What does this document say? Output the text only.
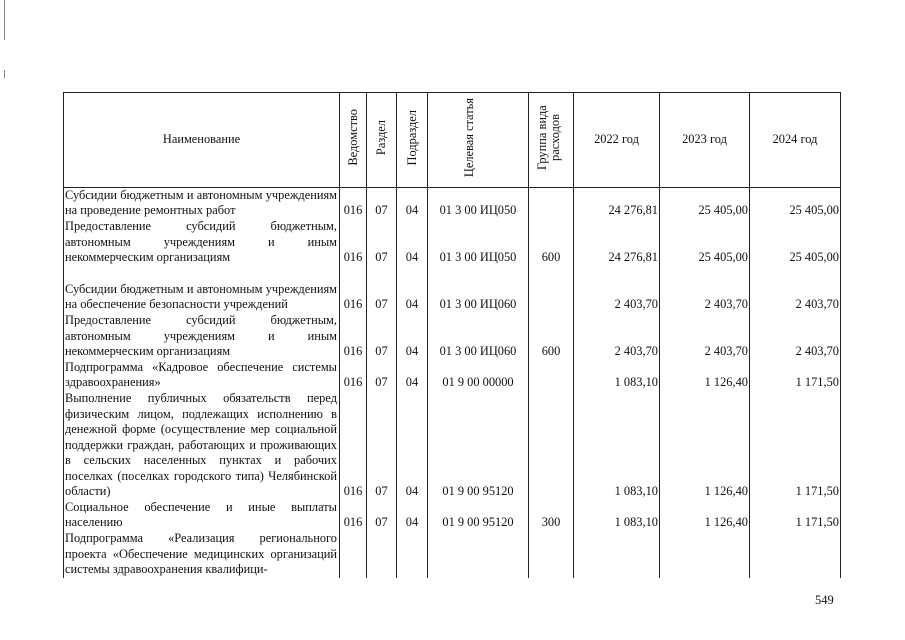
Наименование	Ведомство	Раздел	Подраздел	Целевая статья	Группа вида расходов	2022 год	2023 год	2024 год
Субсидии бюджетным и автономным учреждениям на проведение ремонтных работ	016	07	04	01 3 00 ИЦ050		24 276,81	25 405,00	25 405,00
Предоставление субсидий бюджетным, автономным учреждениям и иным некоммерческим организациям	016	07	04	01 3 00 ИЦ050	600	24 276,81	25 405,00	25 405,00
Субсидии бюджетным и автономным учреждениям на обеспечение безопасности учреждений	016	07	04	01 3 00 ИЦ060		2 403,70	2 403,70	2 403,70
Предоставление субсидий бюджетным, автономным учреждениям и иным некоммерческим организациям	016	07	04	01 3 00 ИЦ060	600	2 403,70	2 403,70	2 403,70
Подпрограмма «Кадровое обеспечение системы здравоохранения»	016	07	04	01 9 00 00000		1 083,10	1 126,40	1 171,50
Выполнение публичных обязательств перед физическим лицом, подлежащих исполнению в денежной форме (осуществление мер социальной поддержки граждан, работающих и проживающих в сельских населенных пунктах и рабочих поселках (поселках городского типа) Челябинской области)	016	07	04	01 9 00 95120		1 083,10	1 126,40	1 171,50
Социальное обеспечение и иные выплаты населению	016	07	04	01 9 00 95120	300	1 083,10	1 126,40	1 171,50
Подпрограмма «Реализация регионального проекта «Обеспечение медицинских организаций системы здравоохранения квалифици-								
549
